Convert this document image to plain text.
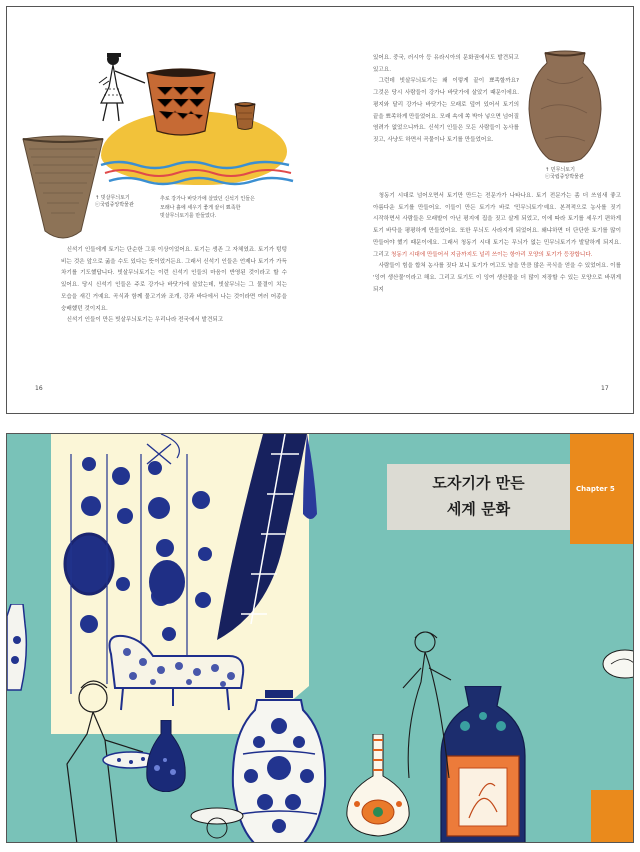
↑ 빗살무늬토기
ⓒ국립중앙박물관
추로 강가나 바닷가에 살았던 신석기 인들은
모래나 흙에 세우기 좋게 끝이 뾰족한
빗살무늬토기를 만들었다.

신석기 인들에게 토기는 단순한 그릇 이상이었어요. 토기는 생존 그 자체였죠. 토기가 텅텅 비는 것은 앞으로 굶을 수도 있다는 뜻이었거든요. 그래서 신석기 인들은 언제나 토기가 가득 차기를 기도했답니다. 빗살무늬토기는 이런 신석기 인들의 마음이 반영된 것이라고 할 수 있어요. 당시 신석기 인들은 주로 강가나 바닷가에 살았는데, 빗살무늬는 그 물결이 치는 모습을 새긴 거예요. 곡식과 함께 물고기와 조개, 강과 바다에서 나는 것이라면 여러 어종을 숭배했던 것이지요.

신석기 인들이 만든 빗살무늬토기는 우리나라 전국에서 발견되고

16
↑ 민무늬토기
ⓒ국립중앙박물관

있어요. 중국, 러시아 등 유라시아의 문화권에서도 발견되고 있고요.

그런데 빗살무늬토기는 왜 이렇게 끝이 뾰족할까요? 그것은 당시 사람들이 강가나 바닷가에 살았기 때문이에요. 평지와 달리 강가나 바닷가는 모래로 덮여 있어서 토기의 끝을 뾰족하게 만들었어요. 모래 속에 쏙 박아 넣으면 넘어질 염려가 없었으니까요. 신석기 인들은 모든 사람들이 농사를 짓고, 사냥도 하면서 곡물이나 토기를 만들었어요.

청동기 시대로 넘어오면서 토기만 만드는 전문가가 나타나요. 토기 전문가는 좀 더 쓰임새 좋고 아름다운 토기를 만들어요. 이들이 만든 토기가 바로 '민무늬토기'예요. 본격적으로 농사를 짓기 시작하면서 사람들은 모래밭이 아닌 평지에 집을 짓고 살게 되었고, 이에 따라 토기를 세우기 편하게 토기 바닥을 평평하게 만들었어요. 또한 무늬도 사라지게 되었어요. 왜냐하면 더 단단한 토기를 많이 만들어야 했기 때문이에요. 그래서 청동기 시대 토기는 무늬가 없는 민무늬토기가 발달하게 되지요. 그리고 청동기 시대에 만들어서 지금까지도 널리 쓰이는 항아리 모양의 토기가 등장합니다.

사람들이 힘을 합쳐 농사를 짓다 보니 토기가 여고도 남을 만큼 많은 곡식을 얻을 수 있었어요. 이를 '잉여 생산물'이라고 해요. 그리고 토기도 이 잉여 생산물을 더 많이 저장할 수 있는 모양으로 바뀌게 되지

17
도자기가 만든
세계 문화
Chapter 5
